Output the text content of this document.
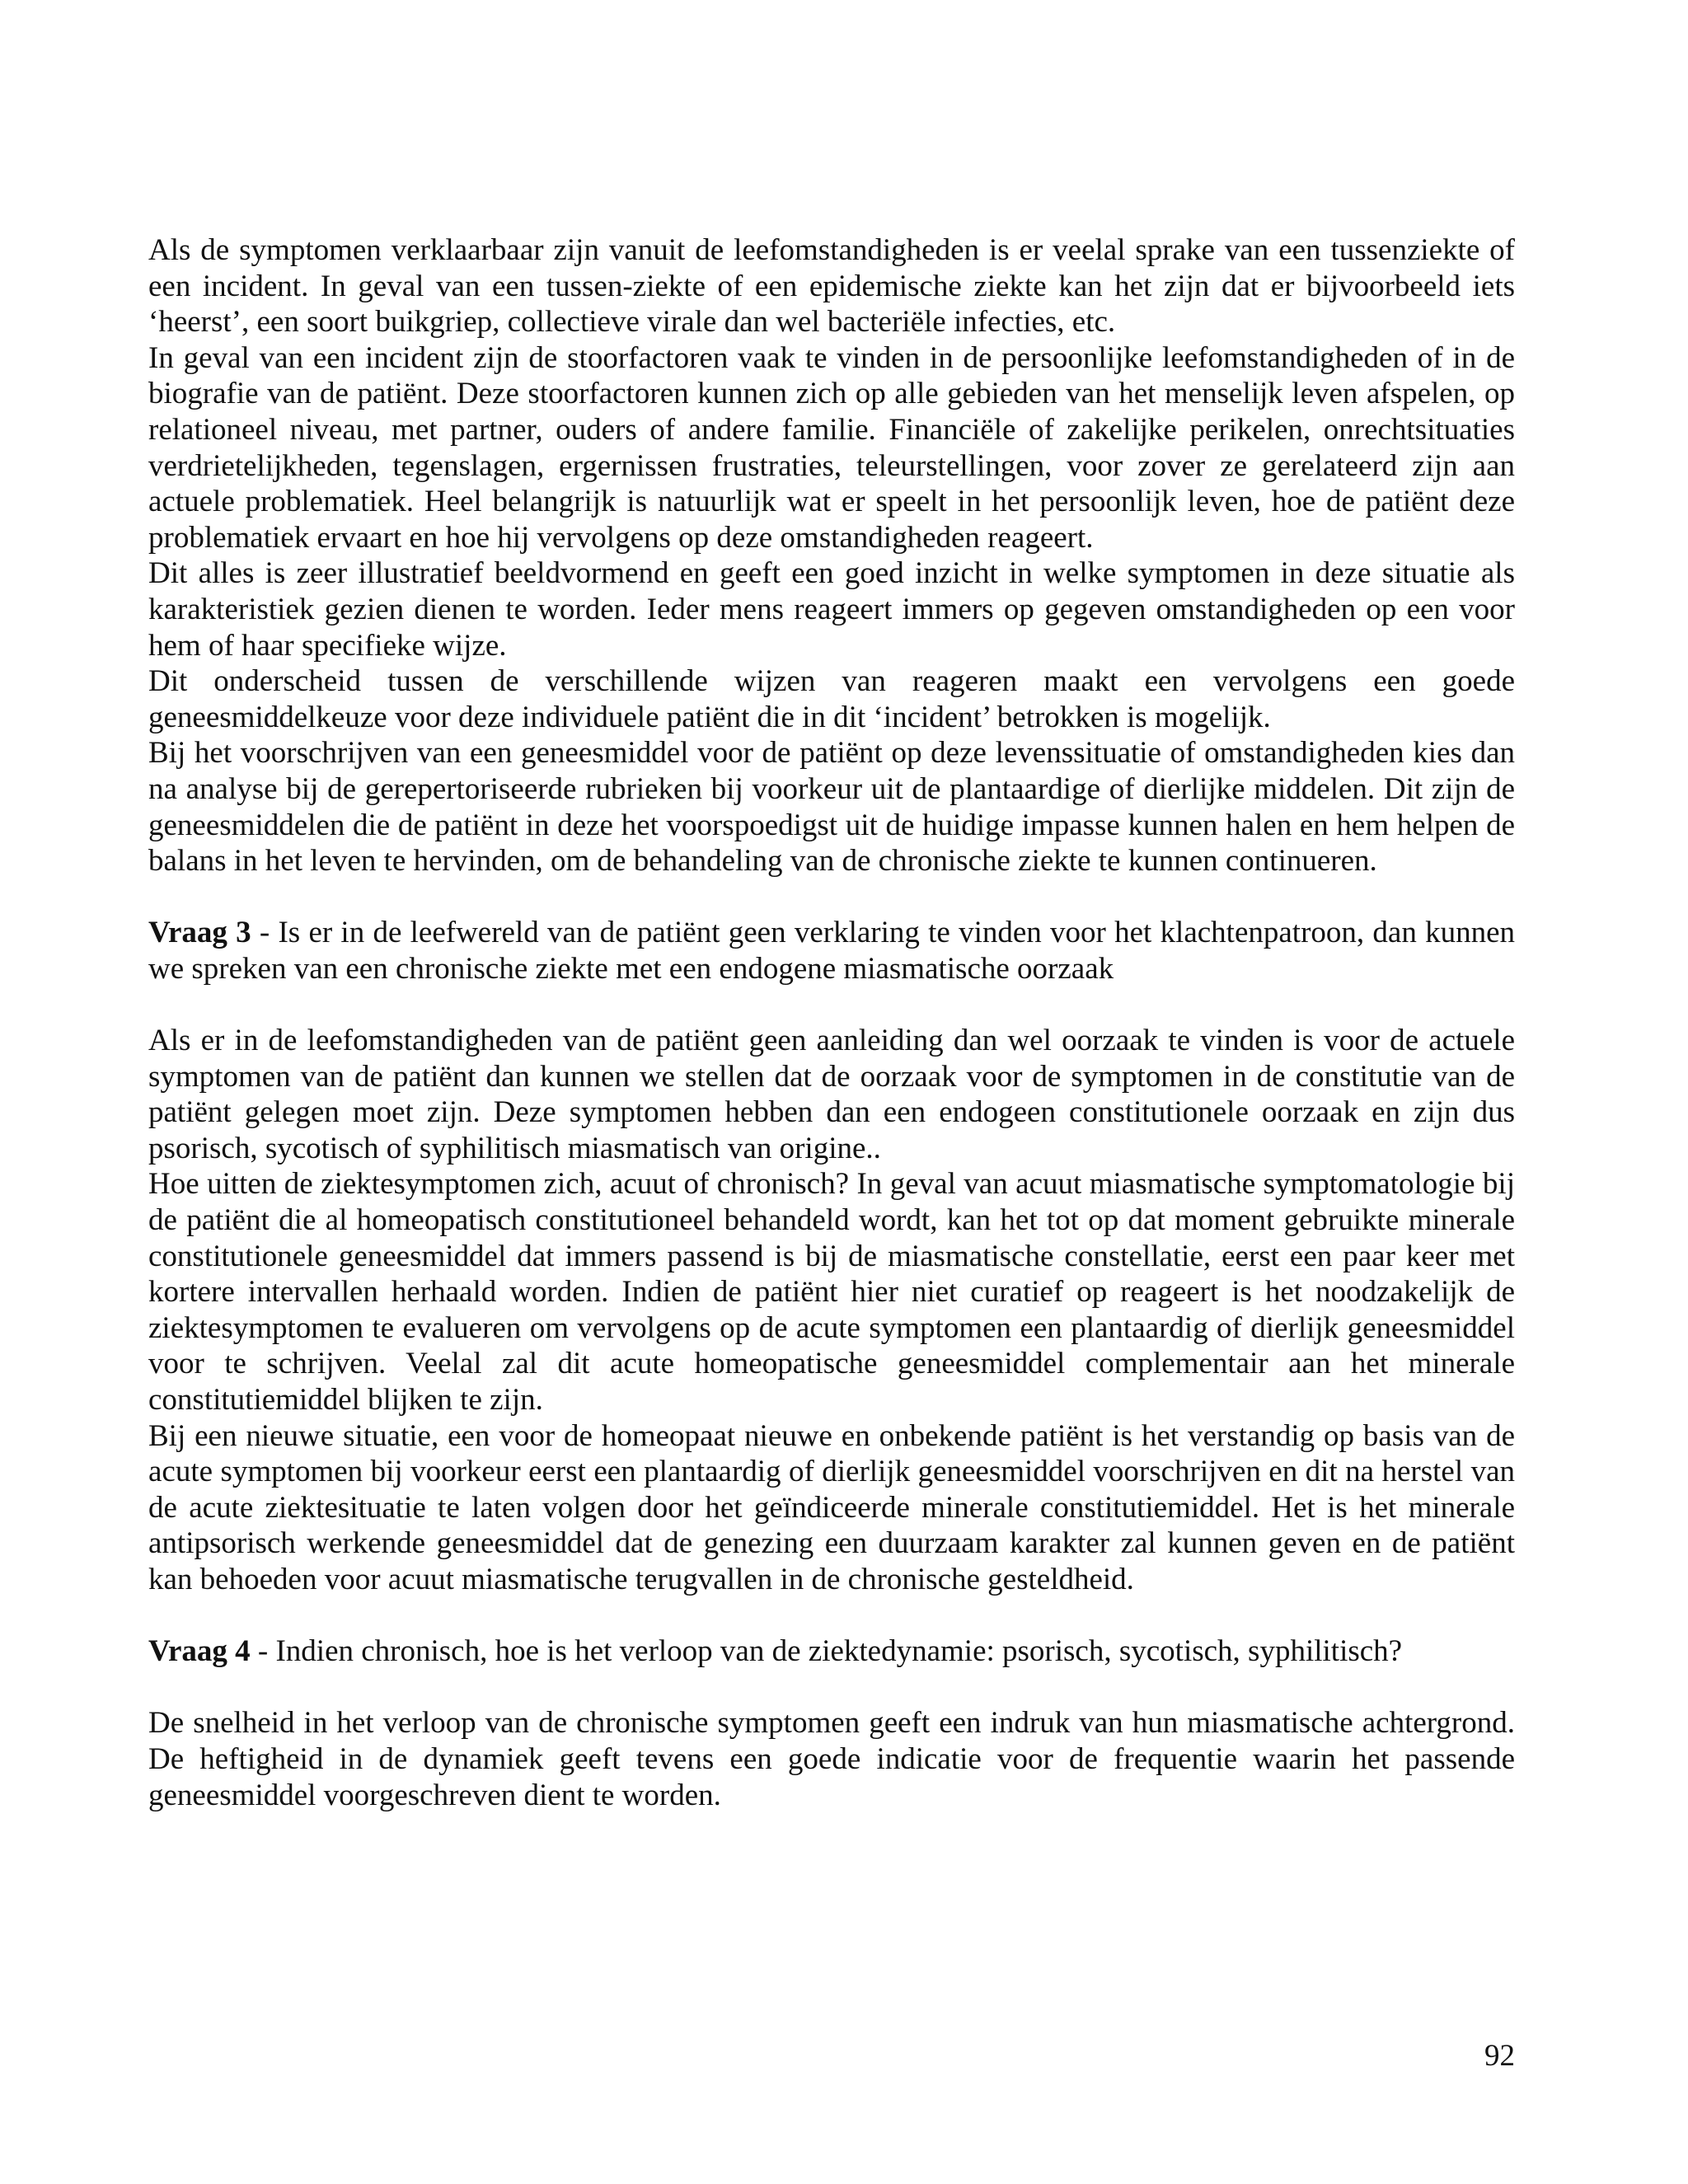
Als de symptomen verklaarbaar zijn vanuit de leefomstandigheden is er veelal sprake van een tussenziekte of een incident. In geval van een tussen-ziekte of een epidemische ziekte kan het zijn dat er bijvoorbeeld iets ‘heerst’, een soort buikgriep, collectieve virale dan wel bacteriële infecties, etc.

In geval van een incident zijn de stoorfactoren vaak te vinden in de persoonlijke leefomstandigheden of in de biografie van de patiënt. Deze stoorfactoren kunnen zich op alle gebieden van het menselijk leven afspelen, op relationeel niveau, met partner, ouders of andere familie. Financiële of zakelijke perikelen, onrechtsituaties verdrietelijkheden, tegenslagen, ergernissen frustraties, teleurstellingen, voor zover ze gerelateerd zijn aan actuele problematiek. Heel belangrijk is natuurlijk wat er speelt in het persoonlijk leven, hoe de patiënt deze problematiek ervaart en hoe hij vervolgens op deze omstandigheden reageert.

Dit alles is zeer illustratief beeldvormend en geeft een goed inzicht in welke symptomen in deze situatie als karakteristiek gezien dienen te worden. Ieder mens reageert immers op gegeven omstandigheden op een voor hem of haar specifieke wijze.

Dit onderscheid tussen de verschillende wijzen van reageren maakt een vervolgens een goede geneesmiddelkeuze voor deze individuele patiënt die in dit ‘incident’ betrokken is mogelijk.

Bij het voorschrijven van een geneesmiddel voor de patiënt op deze levenssituatie of omstandigheden kies dan na analyse bij de gerepertoriseerde rubrieken bij voorkeur uit de plantaardige of dierlijke middelen. Dit zijn de geneesmiddelen die de patiënt in deze het voorspoedigst uit de huidige impasse kunnen halen en hem helpen de balans in het leven te hervinden, om de behandeling van de chronische ziekte te kunnen continueren.

Vraag 3 - Is er in de leefwereld van de patiënt geen verklaring te vinden voor het klachtenpatroon, dan kunnen we spreken van een chronische ziekte met een endogene miasmatische oorzaak

Als er in de leefomstandigheden van de patiënt geen aanleiding dan wel oorzaak te vinden is voor de actuele symptomen van de patiënt dan kunnen we stellen dat de oorzaak voor de symptomen in de constitutie van de patiënt gelegen moet zijn. Deze symptomen hebben dan een endogeen constitutionele oorzaak en zijn dus psorisch, sycotisch of syphilitisch miasmatisch van origine..

Hoe uitten de ziektesymptomen zich, acuut of chronisch? In geval van acuut miasmatische symptomatologie bij de patiënt die al homeopatisch constitutioneel behandeld wordt, kan het tot op dat moment gebruikte minerale constitutionele geneesmiddel dat immers passend is bij de miasmatische constellatie, eerst een paar keer met kortere intervallen herhaald worden. Indien de patiënt hier niet curatief op reageert is het noodzakelijk de ziektesymptomen te evalueren om vervolgens op de acute symptomen een plantaardig of dierlijk geneesmiddel voor te schrijven. Veelal zal dit acute homeopatische geneesmiddel complementair aan het minerale constitutiemiddel blijken te zijn.

Bij een nieuwe situatie, een voor de homeopaat nieuwe en onbekende patiënt is het verstandig op basis van de acute symptomen bij voorkeur eerst een plantaardig of dierlijk geneesmiddel voorschrijven en dit na herstel van de acute ziektesituatie te laten volgen door het geïndiceerde minerale constitutiemiddel. Het is het minerale antipsorisch werkende geneesmiddel dat de genezing een duurzaam karakter zal kunnen geven en de patiënt kan behoeden voor acuut miasmatische terugvallen in de chronische gesteldheid.

Vraag 4 - Indien chronisch, hoe is het verloop van de ziektedynamie: psorisch, sycotisch, syphilitisch?

De snelheid in het verloop van de chronische symptomen geeft een indruk van hun miasmatische achtergrond. De heftigheid in de dynamiek geeft tevens een goede indicatie voor de frequentie waarin het passende geneesmiddel voorgeschreven dient te worden.

92
